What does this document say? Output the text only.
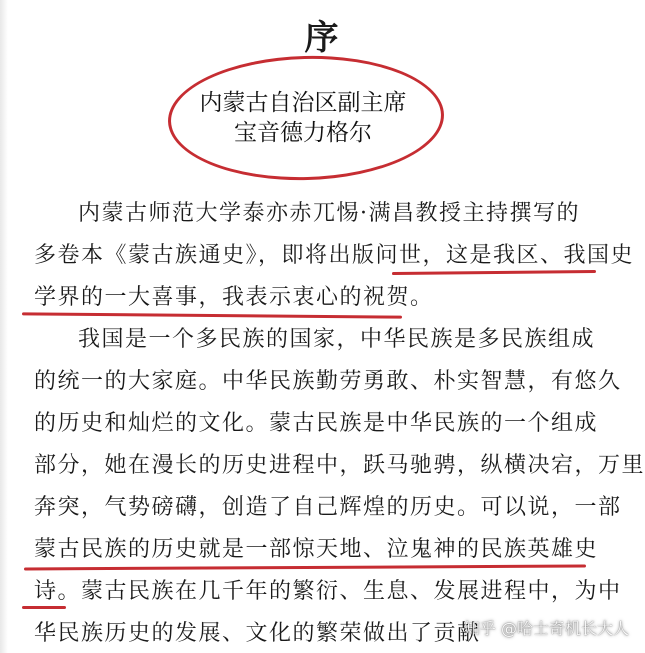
序
内蒙古自治区副主席
宝音德力格尔
内蒙古师范大学泰亦赤兀惕·满昌教授主持撰写的
多卷本《蒙古族通史》，即将出版问世，这是我区、我国史
学界的一大喜事，我表示衷心的祝贺。
我国是一个多民族的国家，中华民族是多民族组成
的统一的大家庭。中华民族勤劳勇敢、朴实智慧，有悠久
的历史和灿烂的文化。蒙古民族是中华民族的一个组成
部分，她在漫长的历史进程中，跃马驰骋，纵横决宕，万里
奔突，气势磅礴，创造了自己辉煌的历史。可以说，一部
蒙古民族的历史就是一部惊天地、泣鬼神的民族英雄史
诗。蒙古民族在几千年的繁衍、生息、发展进程中，为中
华民族历史的发展、文化的繁荣做出了贡献
知乎 @哈士奇机长大人
